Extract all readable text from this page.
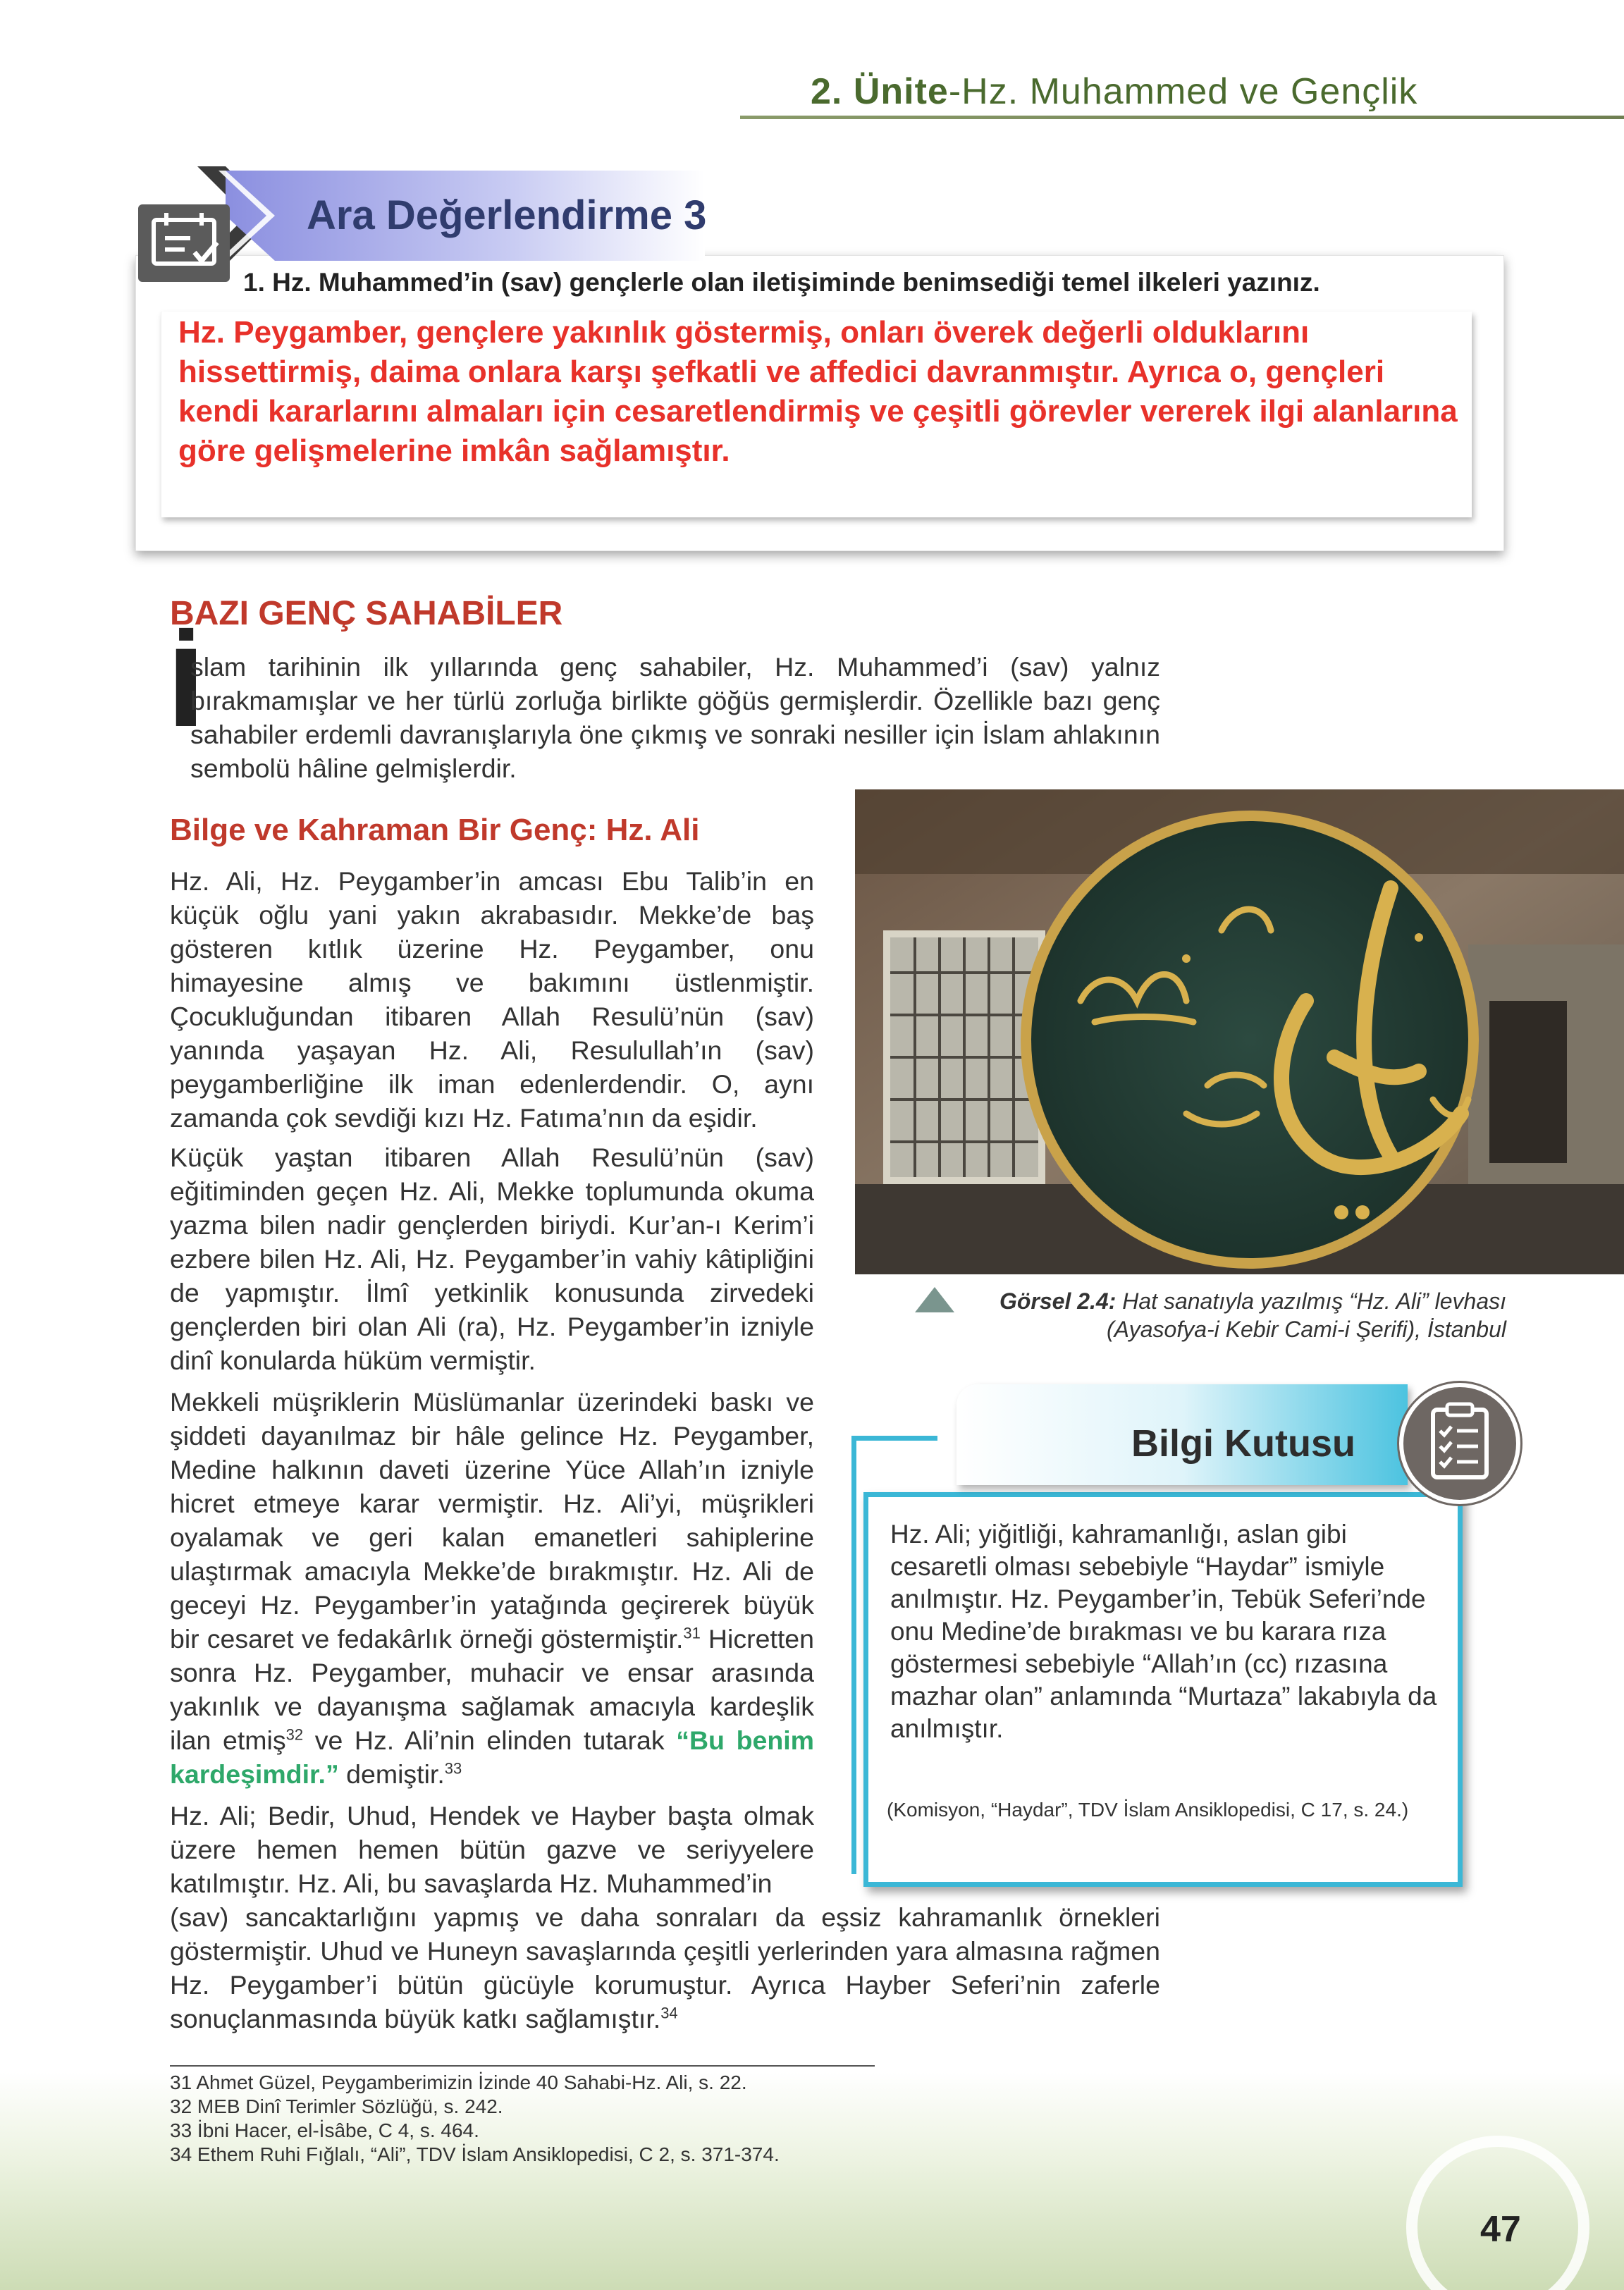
2. Ünite-Hz. Muhammed ve Gençlik
Ara Değerlendirme 3
1. Hz. Muhammed’in (sav) gençlerle olan iletişiminde benimsediği temel ilkeleri yazınız.
Hz. Peygamber, gençlere yakınlık göstermiş, onları överek değerli olduklarını hissettirmiş, daima onlara karşı şefkatli ve affedici davranmıştır. Ayrıca o, gençleri kendi kararlarını almaları için cesaretlendirmiş ve çeşitli görevler vererek ilgi alanlarına göre gelişmelerine imkân sağlamıştır.
BAZI GENÇ SAHABİLER
İ
slam tarihinin ilk yıllarında genç sahabiler, Hz. Muhammed’i (sav) yalnız bırakmamışlar ve her türlü zorluğa birlikte göğüs germişlerdir. Özellikle bazı genç sahabiler erdemli davranışlarıyla öne çıkmış ve sonraki nesiller için İslam ahlakının sembolü hâline gelmişlerdir.
Bilge ve Kahraman Bir Genç: Hz. Ali
Hz. Ali, Hz. Peygamber’in amcası Ebu Talib’in en küçük oğlu yani yakın akrabasıdır. Mekke’de baş gösteren kıtlık üzerine Hz. Peygamber, onu himayesine almış ve bakımını üstlenmiştir. Çocukluğundan itibaren Allah Resulü’nün (sav) yanında yaşayan Hz. Ali, Resulullah’ın (sav) peygamberliğine ilk iman edenlerdendir. O, aynı zamanda çok sevdiği kızı Hz. Fatıma’nın da eşidir.
Küçük yaştan itibaren Allah Resulü’nün (sav) eğitiminden geçen Hz. Ali, Mekke toplumunda okuma yazma bilen nadir gençlerden biriydi. Kur’an-ı Kerim’i ezbere bilen Hz. Ali, Hz. Peygamber’in vahiy kâtipliğini de yapmıştır. İlmî yetkinlik konusunda zirvedeki gençlerden biri olan Ali (ra), Hz. Peygamber’in izniyle dinî konularda hüküm vermiştir.
Mekkeli müşriklerin Müslümanlar üzerindeki baskı ve şiddeti dayanılmaz bir hâle gelince Hz. Peygamber, Medine halkının daveti üzerine Yüce Allah’ın izniyle hicret etmeye karar vermiştir. Hz. Ali’yi, müşrikleri oyalamak ve geri kalan emanetleri sahiplerine ulaştırmak amacıyla Mekke’de bırakmıştır. Hz. Ali de geceyi Hz. Peygamber’in yatağında geçirerek büyük bir cesaret ve fedakârlık örneği göstermiştir.$^{31}$ Hicretten sonra Hz. Peygamber, muhacir ve ensar arasında yakınlık ve dayanışma sağlamak amacıyla kardeşlik ilan etmiş$^{32}$ ve Hz. Ali’nin elinden tutarak “Bu benim kardeşimdir.” demiştir.$^{33}$
Hz. Ali; Bedir, Uhud, Hendek ve Hayber başta olmak üzere hemen hemen bütün gazve ve seriyyelere katılmıştır. Hz. Ali, bu savaşlarda Hz. Muhammed’in
(sav) sancaktarlığını yapmış ve daha sonraları da eşsiz kahramanlık örnekleri göstermiştir. Uhud ve Huneyn savaşlarında çeşitli yerlerinden yara almasına rağmen Hz. Peygamber’i bütün gücüyle korumuştur. Ayrıca Hayber Seferi’nin zaferle sonuçlanmasında büyük katkı sağlamıştır.$^{34}$
Görsel 2.4: Hat sanatıyla yazılmış “Hz. Ali” levhası (Ayasofya-i Kebir Cami-i Şerifi), İstanbul
Bilgi Kutusu
Hz. Ali; yiğitliği, kahramanlığı, aslan gibi cesaretli olması sebebiyle “Haydar” ismiyle anılmıştır. Hz. Peygamber’in, Tebük Seferi’nde onu Medine’de bırakması ve bu karara rıza göstermesi sebebiyle “Allah’ın (cc) rızasına mazhar olan” anlamında “Murtaza” lakabıyla da anılmıştır.
(Komisyon, “Haydar”, TDV İslam Ansiklopedisi, C 17, s. 24.)
31 Ahmet Güzel, Peygamberimizin İzinde 40 Sahabi-Hz. Ali, s. 22.
32 MEB Dinî Terimler Sözlüğü, s. 242.
33 İbni Hacer, el-İsâbe, C 4, s. 464.
34 Ethem Ruhi Fığlalı, “Ali”, TDV İslam Ansiklopedisi, C 2, s. 371-374.
47
